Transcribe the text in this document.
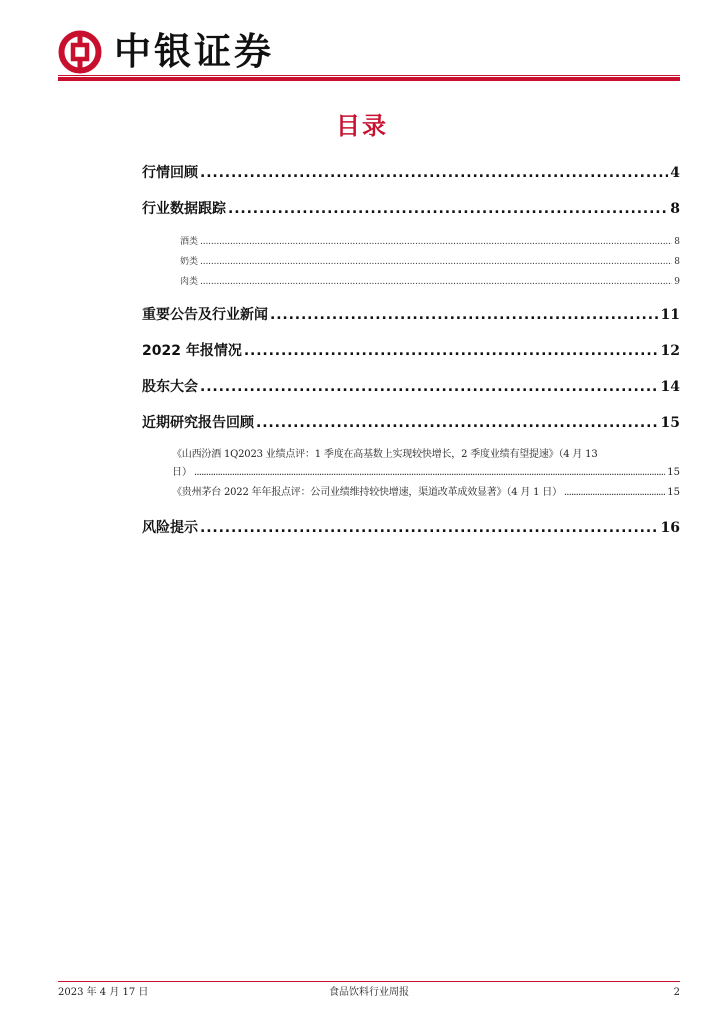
中银证券
目录
行情回顾 . . .	4
行业数据跟踪 . . .	8
酒类 . . .	8
奶类 . . .	8
肉类 . . .	9
重要公告及行业新闻 . . .	11
2022 年报情况 . . .	12
股东大会 . . .	14
近期研究报告回顾 . . .	15
《山西汾酒 1Q2023 业绩点评：1 季度在高基数上实现较快增长，2 季度业绩有望提速》（4 月 13
日） . . .	15
《贵州茅台 2022 年年报点评：公司业绩维持较快增速，渠道改革成效显著》（4 月 1 日） . . .	15
风险提示 . . .	16
2023 年 4 月 17 日	食品饮料行业周报	2
